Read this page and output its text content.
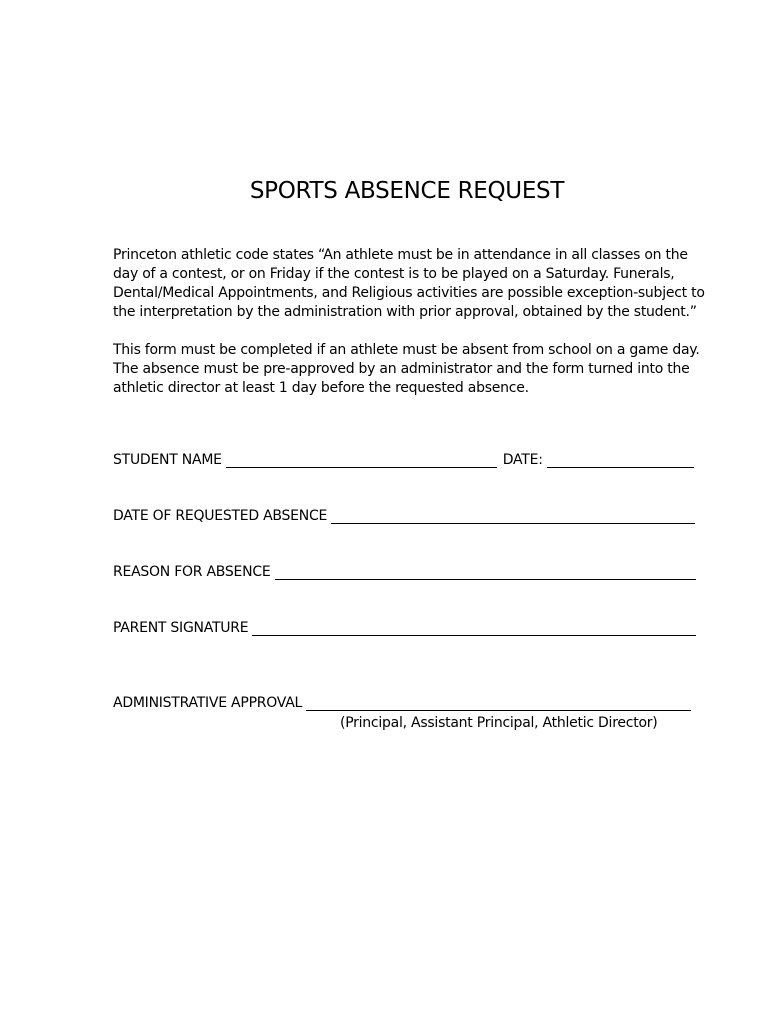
SPORTS ABSENCE REQUEST

Princeton athletic code states “An athlete must be in attendance in all classes on the day of a contest, or on Friday if the contest is to be played on a Saturday. Funerals, Dental/Medical Appointments, and Religious activities are possible exception-subject to the interpretation by the administration with prior approval, obtained by the student.”

This form must be completed if an athlete must be absent from school on a game day. The absence must be pre-approved by an administrator and the form turned into the athletic director at least 1 day before the requested absence.

STUDENT NAME	DATE:
DATE OF REQUESTED ABSENCE
REASON FOR ABSENCE
PARENT SIGNATURE
ADMINISTRATIVE APPROVAL
(Principal, Assistant Principal, Athletic Director)
